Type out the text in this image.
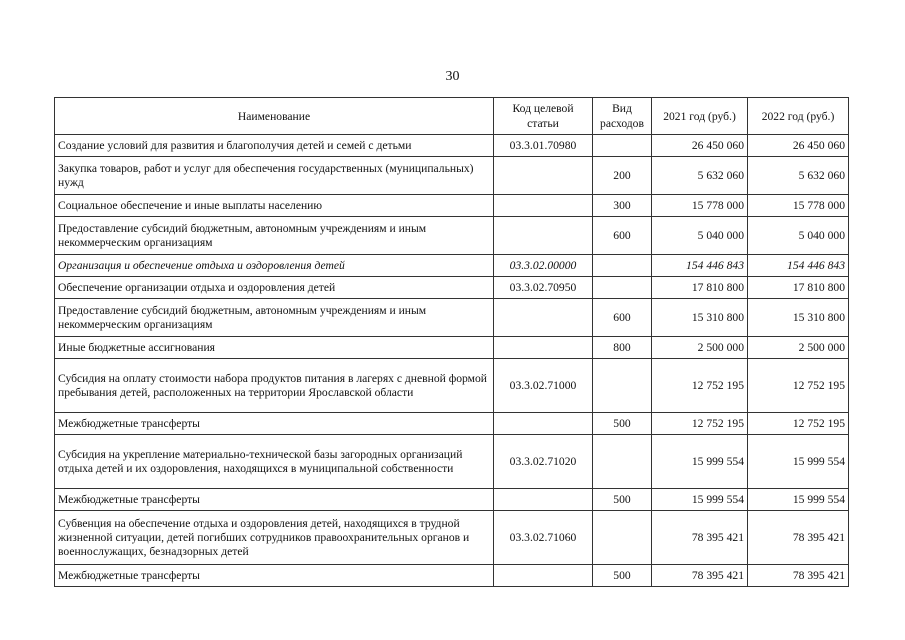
30
Наименование	Код целевой статьи	Вид расходов	2021 год (руб.)	2022 год (руб.)
Создание условий для развития и благополучия детей и семей с детьми	03.3.01.70980		26 450 060	26 450 060
Закупка товаров, работ и услуг для обеспечения государственных (муниципальных) нужд		200	5 632 060	5 632 060
Социальное обеспечение и иные выплаты населению		300	15 778 000	15 778 000
Предоставление субсидий бюджетным, автономным учреждениям и иным некоммерческим организациям		600	5 040 000	5 040 000
Организация и обеспечение отдыха и оздоровления детей	03.3.02.00000		154 446 843	154 446 843
Обеспечение организации отдыха и оздоровления детей	03.3.02.70950		17 810 800	17 810 800
Предоставление субсидий бюджетным, автономным учреждениям и иным некоммерческим организациям		600	15 310 800	15 310 800
Иные бюджетные ассигнования		800	2 500 000	2 500 000
Субсидия на оплату стоимости набора продуктов питания в лагерях с дневной формой пребывания детей, расположенных на территории Ярославской области	03.3.02.71000		12 752 195	12 752 195
Межбюджетные трансферты		500	12 752 195	12 752 195
Субсидия на укрепление материально-технической базы загородных организаций отдыха детей и их оздоровления, находящихся в муниципальной собственности	03.3.02.71020		15 999 554	15 999 554
Межбюджетные трансферты		500	15 999 554	15 999 554
Субвенция на обеспечение отдыха и оздоровления детей, находящихся в трудной жизненной ситуации, детей погибших сотрудников правоохранительных органов и военнослужащих, безнадзорных детей	03.3.02.71060		78 395 421	78 395 421
Межбюджетные трансферты		500	78 395 421	78 395 421
